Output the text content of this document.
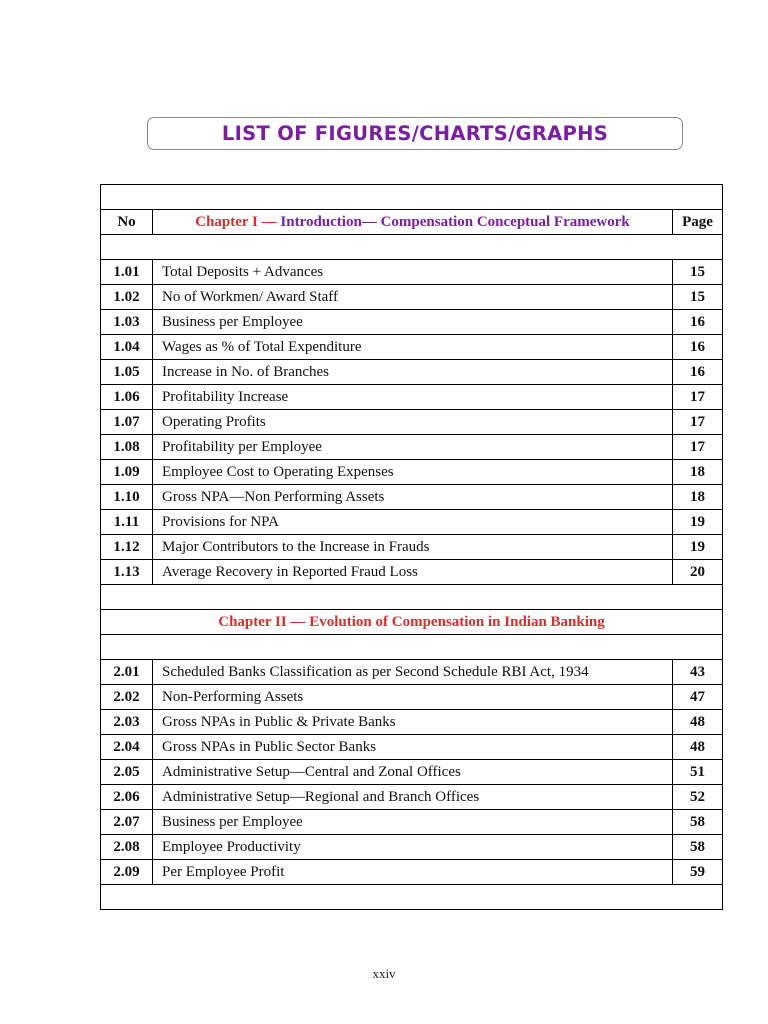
LIST OF FIGURES/CHARTS/GRAPHS

No	Chapter I — Introduction— Compensation Conceptual Framework	Page

1.01	Total Deposits + Advances	15
1.02	No of Workmen/ Award Staff	15
1.03	Business per Employee	16
1.04	Wages as % of Total Expenditure	16
1.05	Increase in No. of Branches	16
1.06	Profitability Increase	17
1.07	Operating Profits	17
1.08	Profitability per Employee	17
1.09	Employee Cost to Operating Expenses	18
1.10	Gross NPA—Non Performing Assets	18
1.11	Provisions for NPA	19
1.12	Major Contributors to the Increase in Frauds	19
1.13	Average Recovery in Reported Fraud Loss	20

Chapter II — Evolution of Compensation in Indian Banking		

2.01	Scheduled Banks Classification as per Second Schedule RBI Act, 1934	43
2.02	Non-Performing Assets	47
2.03	Gross NPAs in Public & Private Banks	48
2.04	Gross NPAs in Public Sector Banks	48
2.05	Administrative Setup—Central and Zonal Offices	51
2.06	Administrative Setup—Regional and Branch Offices	52
2.07	Business per Employee	58
2.08	Employee Productivity	58
2.09	Per Employee Profit	59

xxiv
